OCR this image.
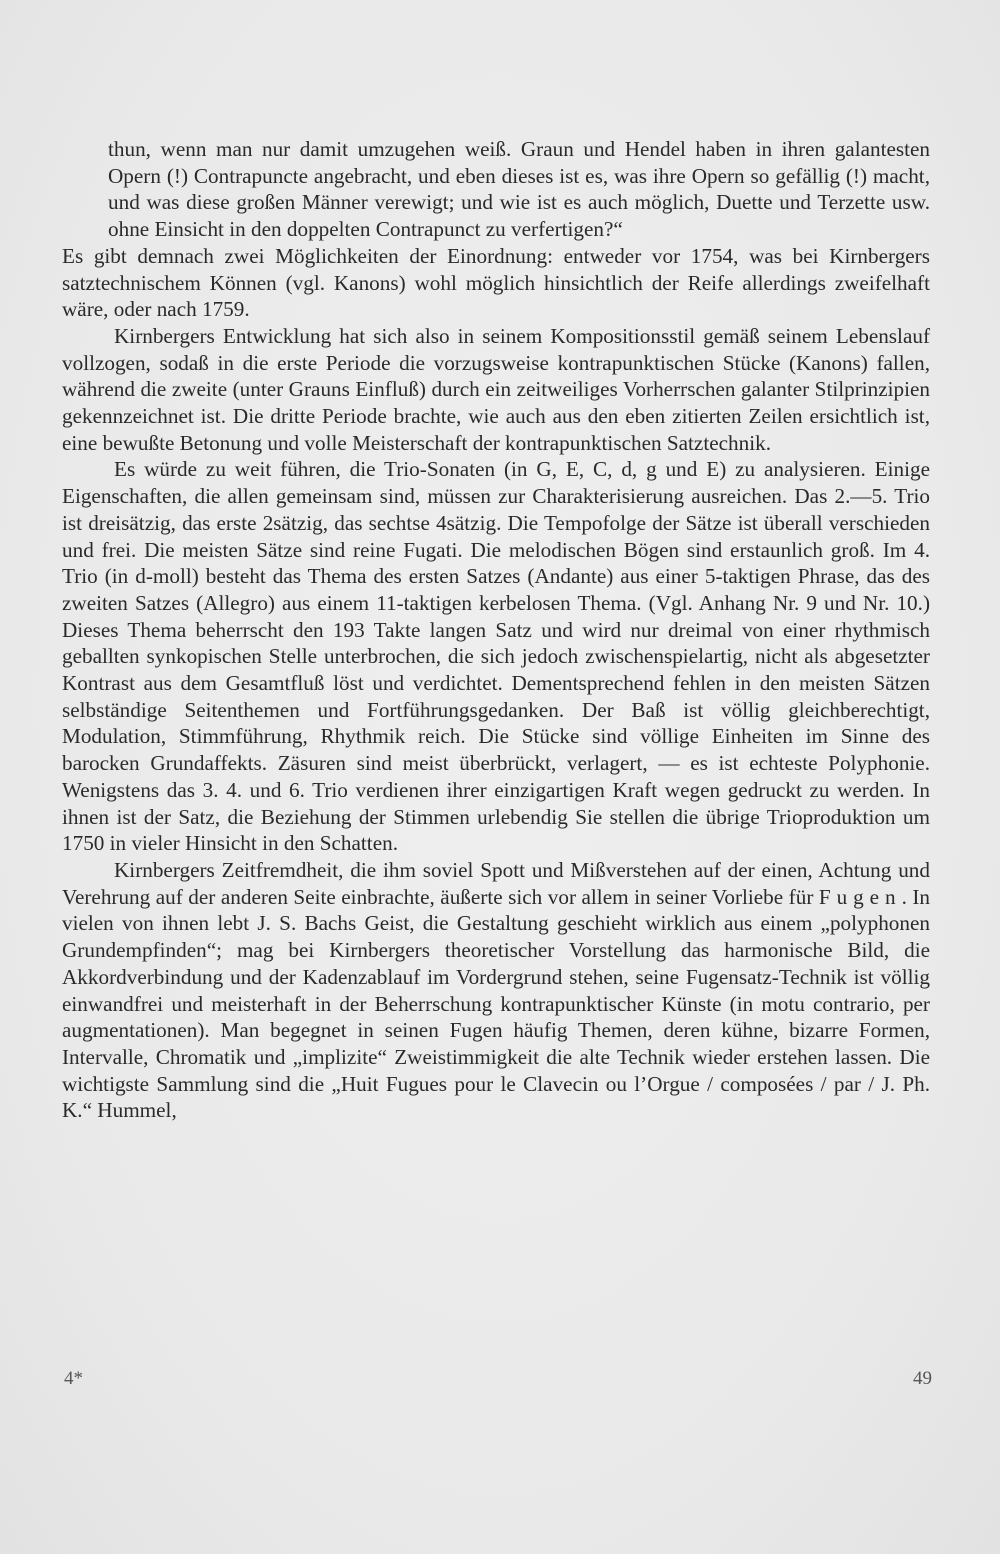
thun, wenn man nur damit umzugehen weiß. Graun und Hendel haben in ihren galantesten Opern (!) Contrapuncte angebracht, und eben dieses ist es, was ihre Opern so gefällig (!) macht, und was diese großen Männer verewigt; und wie ist es auch möglich, Duette und Terzette usw. ohne Einsicht in den doppelten Contrapunct zu verfertigen?“

Es gibt demnach zwei Möglichkeiten der Einordnung: entweder vor 1754, was bei Kirnbergers satztechnischem Können (vgl. Kanons) wohl möglich hinsichtlich der Reife allerdings zweifelhaft wäre, oder nach 1759.

Kirnbergers Entwicklung hat sich also in seinem Kompositionsstil gemäß seinem Lebenslauf vollzogen, sodaß in die erste Periode die vorzugsweise kontrapunktischen Stücke (Kanons) fallen, während die zweite (unter Grauns Einfluß) durch ein zeitweiliges Vorherrschen galanter Stilprinzipien gekennzeichnet ist. Die dritte Periode brachte, wie auch aus den eben zitierten Zeilen ersichtlich ist, eine bewußte Betonung und volle Meisterschaft der kontrapunktischen Satztechnik.

Es würde zu weit führen, die Trio-Sonaten (in G, E, C, d, g und E) zu analysieren. Einige Eigenschaften, die allen gemeinsam sind, müssen zur Charakterisierung ausreichen. Das 2.—5. Trio ist dreisätzig, das erste 2sätzig, das sechtse 4sätzig. Die Tempofolge der Sätze ist überall verschieden und frei. Die meisten Sätze sind reine Fugati. Die melodischen Bögen sind erstaunlich groß. Im 4. Trio (in d-moll) besteht das Thema des ersten Satzes (Andante) aus einer 5-taktigen Phrase, das des zweiten Satzes (Allegro) aus einem 11-taktigen kerbelosen Thema. (Vgl. Anhang Nr. 9 und Nr. 10.) Dieses Thema beherrscht den 193 Takte langen Satz und wird nur dreimal von einer rhythmisch geballten synkopischen Stelle unterbrochen, die sich jedoch zwischenspielartig, nicht als abgesetzter Kontrast aus dem Gesamtfluß löst und verdichtet. Dementsprechend fehlen in den meisten Sätzen selbständige Seitenthemen und Fortführungsgedanken. Der Baß ist völlig gleichberechtigt, Modulation, Stimmführung, Rhythmik reich. Die Stücke sind völlige Einheiten im Sinne des barocken Grundaffekts. Zäsuren sind meist überbrückt, verlagert, — es ist echteste Polyphonie. Wenigstens das 3. 4. und 6. Trio verdienen ihrer einzigartigen Kraft wegen gedruckt zu werden. In ihnen ist der Satz, die Beziehung der Stimmen urlebendig Sie stellen die übrige Trioproduktion um 1750 in vieler Hinsicht in den Schatten.

Kirnbergers Zeitfremdheit, die ihm soviel Spott und Mißverstehen auf der einen, Achtung und Verehrung auf der anderen Seite einbrachte, äußerte sich vor allem in seiner Vorliebe für Fugen. In vielen von ihnen lebt J. S. Bachs Geist, die Gestaltung geschieht wirklich aus einem „polyphonen Grundempfinden“; mag bei Kirnbergers theoretischer Vorstellung das harmonische Bild, die Akkordverbindung und der Kadenzablauf im Vordergrund stehen, seine Fugensatz-Technik ist völlig einwandfrei und meisterhaft in der Beherrschung kontrapunktischer Künste (in motu contrario, per augmentationen). Man begegnet in seinen Fugen häufig Themen, deren kühne, bizarre Formen, Intervalle, Chromatik und „implizite“ Zweistimmigkeit die alte Technik wieder erstehen lassen. Die wichtigste Sammlung sind die „Huit Fugues pour le Clavecin ou l’Orgue / composées / par / J. Ph. K.“ Hummel,

4*	49
